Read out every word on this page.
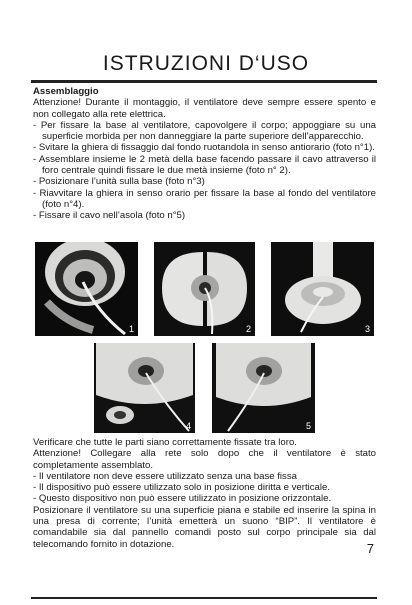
ISTRUZIONI D‘USO
Assemblaggio
Attenzione! Durante il montaggio, il ventilatore deve sempre essere spento e non collegato alla rete elettrica.
- Per fissare la base al ventilatore, capovolgere il corpo; appoggiare su una superficie morbida per non danneggiare la parte superiore dell’apparecchio.
- Svitare la ghiera di fissaggio dal fondo ruotandola in senso antiorario (foto n°1).
- Assemblare insieme le 2 metà della base facendo passare il cavo attraverso il foro centrale quindi fissare le due metà insieme (foto n° 2).
- Posizionare l’unità sulla base (foto n°3)
- Riavvitare la ghiera in senso orario per fissare la base al fondo del ventilatore (foto n°4).
- Fissare il cavo nell’asola (foto n°5)
1	2	3
4	5
Verificare che tutte le parti siano correttamente fissate tra loro.
Attenzione! Collegare alla rete solo dopo che il ventilatore è stato completamente assemblato.
- Il ventilatore non deve essere utilizzato senza una base fissa
- Il dispositivo può essere utilizzato solo in posizione diritta e verticale.
- Questo dispositivo non può essere utilizzato in posizione orizzontale.
Posizionare il ventilatore su una superficie piana e stabile ed inserire la spina in una presa di corrente; l’unità emetterà un suono “BIP”. Il ventilatore è comandabile sia dal pannello comandi posto sul corpo principale sia dal telecomando fornito in dotazione.	7
